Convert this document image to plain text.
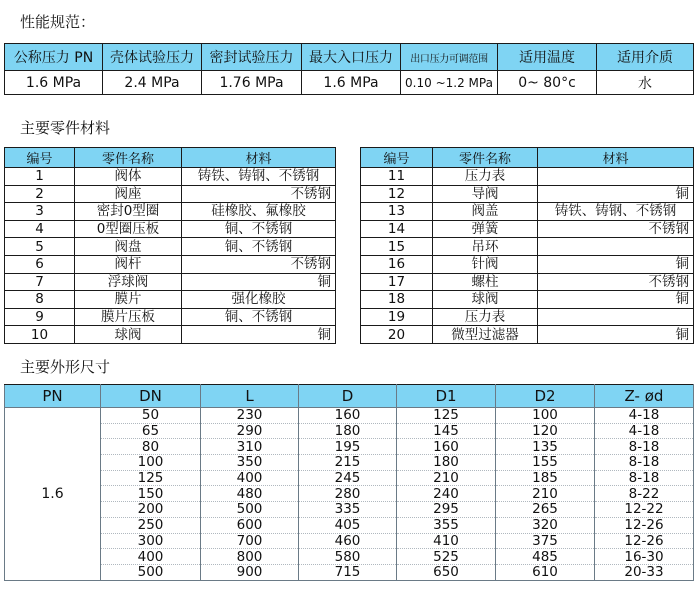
性能规范：
公称压力 PN	壳体试验压力	密封试验压力	最大入口压力	出口压力可调范围	适用温度	适用介质
1.6 MPa	2.4 MPa	1.76 MPa	1.6 MPa	0.10 ~1.2 MPa	0~ 80°c	水
主要零件材料
编号	零件名称	材料
1	阀体	铸铁、铸钢、不锈钢
2	阀座	不锈钢
3	密封0型圈	硅橡胶、氟橡胶
4	0型圈压板	铜、不锈钢
5	阀盘	铜、不锈钢
6	阀杆	不锈钢
7	浮球阀	铜
8	膜片	强化橡胶
9	膜片压板	铜、不锈钢
10	球阀	铜
编号	零件名称	材料
11	压力表	
12	导阀	铜
13	阀盖	铸铁、铸钢、不锈钢
14	弹簧	不锈钢
15	吊环	
16	针阀	铜
17	螺柱	不锈钢
18	球阀	铜
19	压力表	
20	微型过滤器	铜
主要外形尺寸
PN	DN	L	D	D1	D2	Z- ød
1.6	50	230	160	125	100	4-18
	65	290	180	145	120	4-18
	80	310	195	160	135	8-18
	100	350	215	180	155	8-18
	125	400	245	210	185	8-18
	150	480	280	240	210	8-22
	200	500	335	295	265	12-22
	250	600	405	355	320	12-26
	300	700	460	410	375	12-26
	400	800	580	525	485	16-30
	500	900	715	650	610	20-33
